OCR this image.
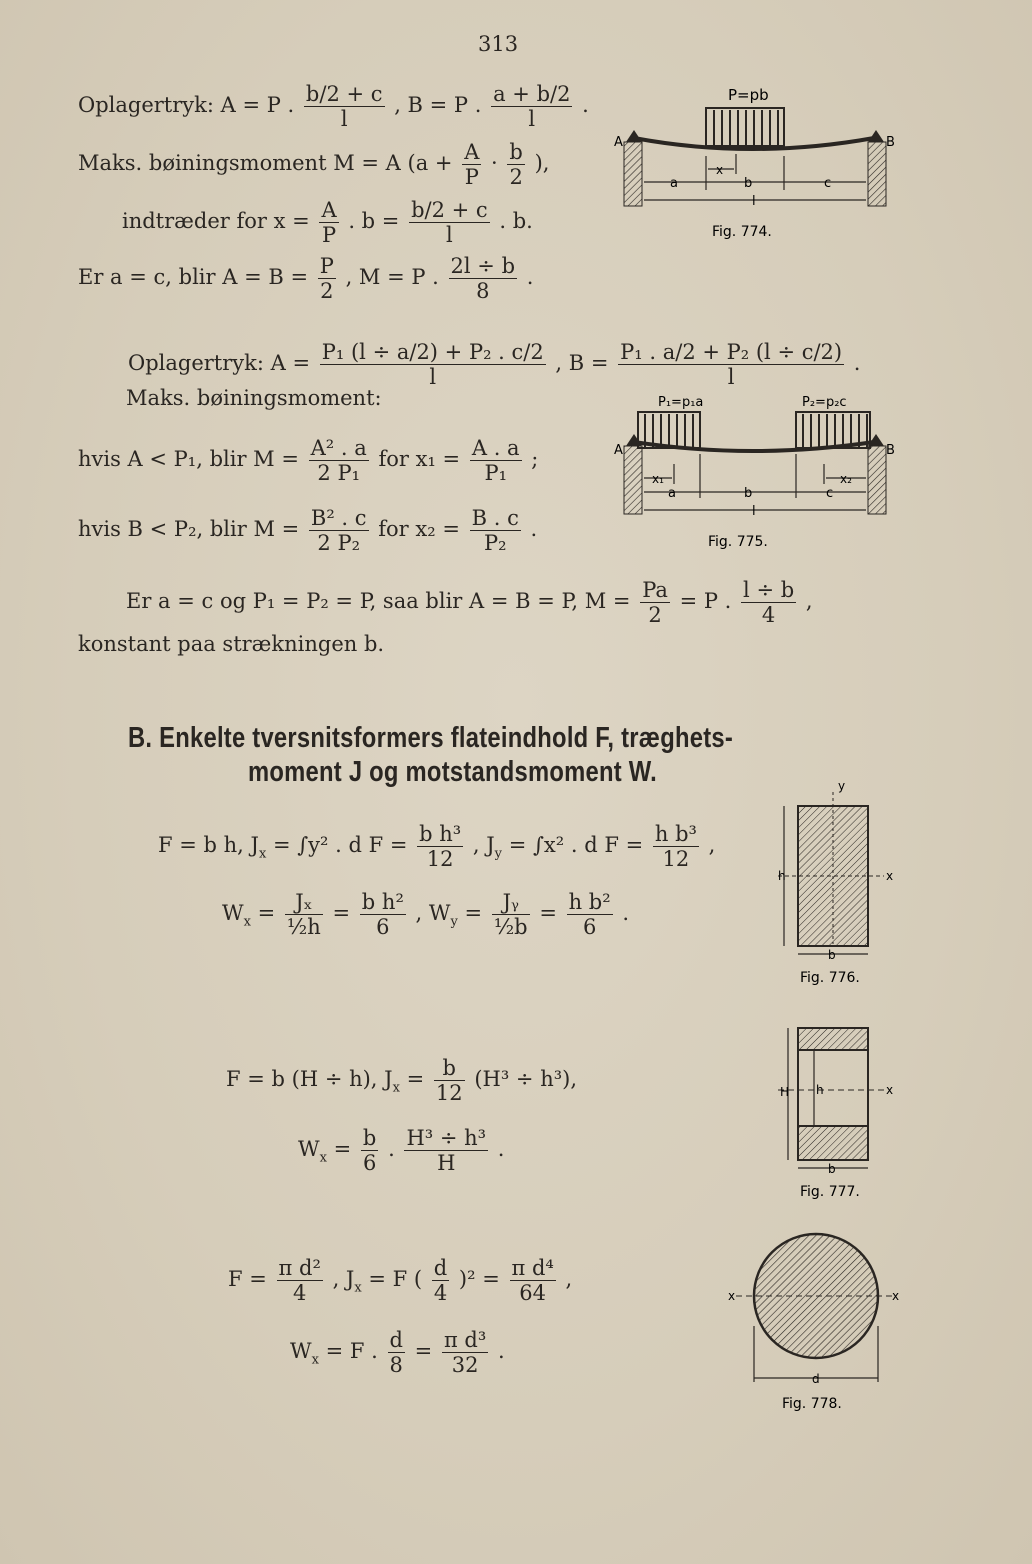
313
Oplagertryk: A = P . $\frac{b/2 + c}{l}$ , B = P . $\frac{a + b/2}{l}$ .
Maks. bøiningsmoment M = A ($a + \frac{A}{P} \cdot \frac{b}{2}$ ),
indtræder for $x = \frac{A}{P}$ . $b = \frac{b/2 + c}{l}$ . b.
Er a = c, blir $A = B = \frac{P}{2}$ , M = P . $\frac{2l \div b}{8}$ .
P=pb
A	B
x
a	b	c
l
Fig. 774.
Oplagertryk: $A = \frac{\text{P₁ (l ÷ a/2) + P₂ . c/2}}{l}$ , $B = \frac{\text{P₁ . a/2 + P₂ (l ÷ c/2)}}{l}$ .
Maks. bøiningsmoment:
hvis A < P₁, blir $M = \frac{\text{A² . a}}{\text{2 P₁}}$ for $x_1 = \frac{A . a}{\text{P₁}}$ ;
hvis B < P₂, blir $M = \frac{\text{B² . c}}{\text{2 P₂}}$ for $x_2 = \frac{B . c}{\text{P₂}}$ .
Er a = c og P₁ = P₂ = P, saa blir A = B = P, $M = \frac{Pa}{2} = P$ . $\frac{l \div b}{4}$ ,
konstant paa strækningen b.
P₁=p₁a	P₂=p₂c
A	B
x₁	x₂
a	b	c
l
Fig. 775.
B. Enkelte tversnitsformers flateindhold F, træghets-
moment J og motstandsmoment W.
F = b h, $J_x = \int y^2$ . d $F = \frac{\text{b h³}}{12}$ , $J_y = \int x^2$ . d $F = \frac{\text{h b³}}{12}$ ,
$W_x = \frac{\text{Jₓ}}{\text{½h}} = \frac{\text{b h²}}{6}$ , $W_y = \frac{\text{Jᵧ}}{\text{½b}} = \frac{\text{h b²}}{6}$ .
y
x
h
b
Fig. 776.
F = b (H ÷ h), $J_x = \frac{b}{12} (H^3 \div h^3)$,
$W_x = \frac{b}{6}$ . $\frac{\text{H³ ÷ h³}}{H}$ .
x
H h
b
Fig. 777.
$F = \frac{\text{π d²}}{4}$ , $J_x = F$ ( $\frac{d}{4} )^2 = \frac{\text{π d⁴}}{64}$ ,
$W_x = F$ . $\frac{d}{8} = \frac{\text{π d³}}{32}$ .
x	x
d
Fig. 778.
